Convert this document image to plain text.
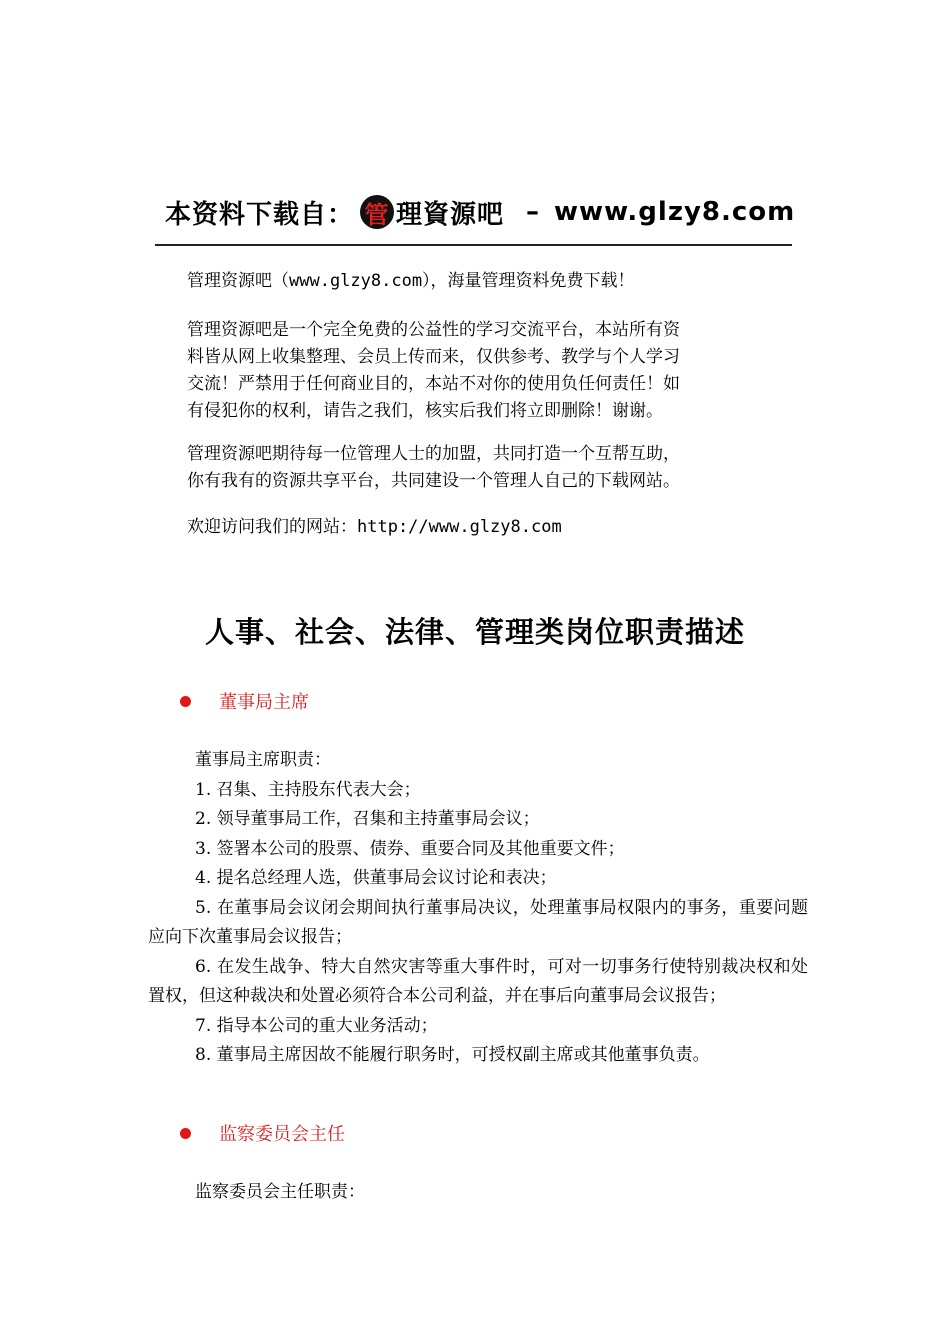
本资料下载自： 管 理資源吧 – www.glzy8.com

管理资源吧（www.glzy8.com），海量管理资料免费下载！

管理资源吧是一个完全免费的公益性的学习交流平台，本站所有资

料皆从网上收集整理、会员上传而来，仅供参考、教学与个人学习

交流！严禁用于任何商业目的，本站不对你的使用负任何责任！如

有侵犯你的权利，请告之我们，核实后我们将立即删除！谢谢。

管理资源吧期待每一位管理人士的加盟，共同打造一个互帮互助，

你有我有的资源共享平台，共同建设一个管理人自己的下载网站。

欢迎访问我们的网站：http://www.glzy8.com

人事、社会、法律、管理类岗位职责描述
董事局主席

董事局主席职责：

1. 召集、主持股东代表大会；

2. 领导董事局工作，召集和主持董事局会议；

3. 签署本公司的股票、债券、重要合同及其他重要文件；

4. 提名总经理人选，供董事局会议讨论和表决；

5. 在董事局会议闭会期间执行董事局决议，处理董事局权限内的事务，重要问题应向下次董事局会议报告；

6. 在发生战争、特大自然灾害等重大事件时，可对一切事务行使特别裁决权和处置权，但这种裁决和处置必须符合本公司利益，并在事后向董事局会议报告；

7. 指导本公司的重大业务活动；

8. 董事局主席因故不能履行职务时，可授权副主席或其他董事负责。

监察委员会主任

监察委员会主任职责：
